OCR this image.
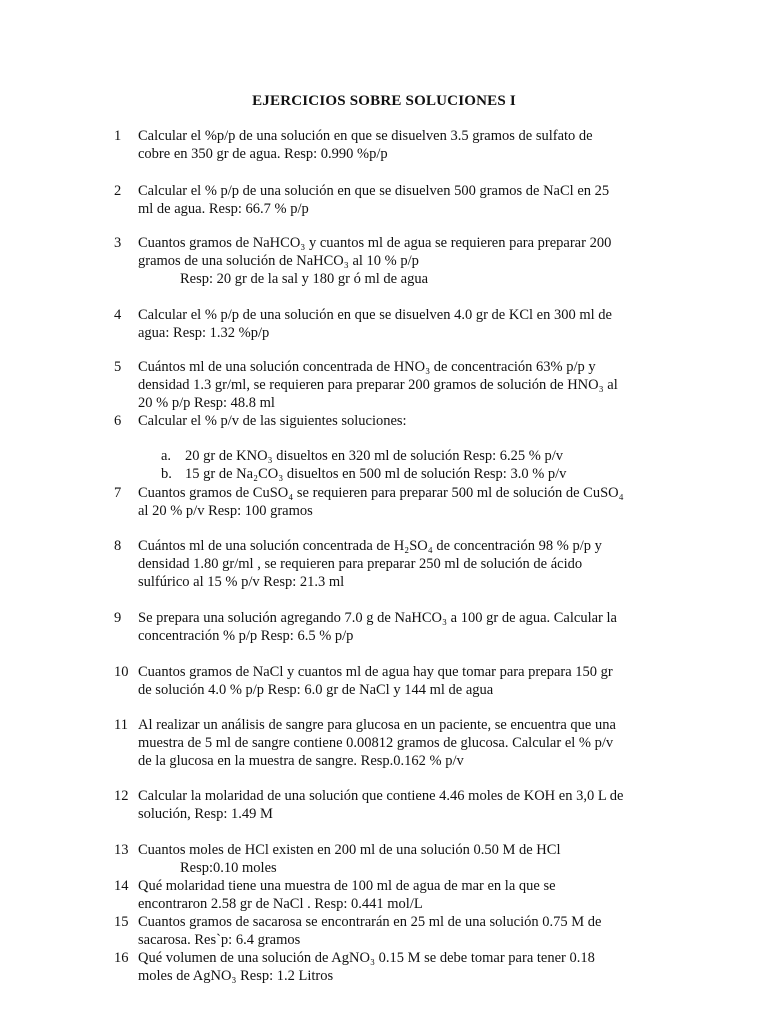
EJERCICIOS SOBRE SOLUCIONES I
1	Calcular el %p/p de una solución en que se disuelven 3.5 gramos de sulfato de
cobre en 350 gr de agua. Resp: 0.990 %p/p
2	Calcular el % p/p de una solución en que se disuelven 500 gramos de NaCl en 25
ml de agua. Resp: 66.7 % p/p
3	Cuantos gramos de NaHCO₃ y cuantos ml de agua se requieren para preparar 200
gramos de una solución de NaHCO₃ al 10 % p/p
Resp: 20 gr de la sal y 180 gr ó ml de agua
4	Calcular el % p/p de una solución en que se disuelven 4.0 gr de KCl en 300 ml de
agua: Resp: 1.32 %p/p
5	Cuántos ml de una solución concentrada de HNO₃ de concentración 63% p/p y
densidad 1.3 gr/ml, se requieren para preparar 200 gramos de solución de HNO₃ al
20 % p/p Resp: 48.8 ml
6	Calcular el % p/v de las siguientes soluciones:
a. 20 gr de KNO₃ disueltos en 320 ml de solución Resp: 6.25 % p/v
b. 15 gr de Na₂CO₃ disueltos en 500 ml de solución Resp: 3.0 % p/v
7	Cuantos gramos de CuSO₄ se requieren para preparar 500 ml de solución de CuSO₄
al 20 % p/v Resp: 100 gramos
8	Cuántos ml de una solución concentrada de H₂SO₄ de concentración 98 % p/p y
densidad 1.80 gr/ml , se requieren para preparar 250 ml de solución de ácido
sulfúrico al 15 % p/v Resp: 21.3 ml
9	Se prepara una solución agregando 7.0 g de NaHCO₃ a 100 gr de agua. Calcular la
concentración % p/p Resp: 6.5 % p/p
10 Cuantos gramos de NaCl y cuantos ml de agua hay que tomar para prepara 150 gr
de solución 4.0 % p/p Resp: 6.0 gr de NaCl y 144 ml de agua
11 Al realizar un análisis de sangre para glucosa en un paciente, se encuentra que una
muestra de 5 ml de sangre contiene 0.00812 gramos de glucosa. Calcular el % p/v
de la glucosa en la muestra de sangre. Resp.0.162 % p/v
12 Calcular la molaridad de una solución que contiene 4.46 moles de KOH en 3,0 L de
solución, Resp: 1.49 M
13 Cuantos moles de HCl existen en 200 ml de una solución 0.50 M de HCl
Resp:0.10 moles
14 Qué molaridad tiene una muestra de 100 ml de agua de mar en la que se
encontraron 2.58 gr de NaCl . Resp: 0.441 mol/L
15 Cuantos gramos de sacarosa se encontrarán en 25 ml de una solución 0.75 M de
sacarosa. Res`p: 6.4 gramos
16 Qué volumen de una solución de AgNO₃ 0.15 M se debe tomar para tener 0.18
moles de AgNO₃ Resp: 1.2 Litros
